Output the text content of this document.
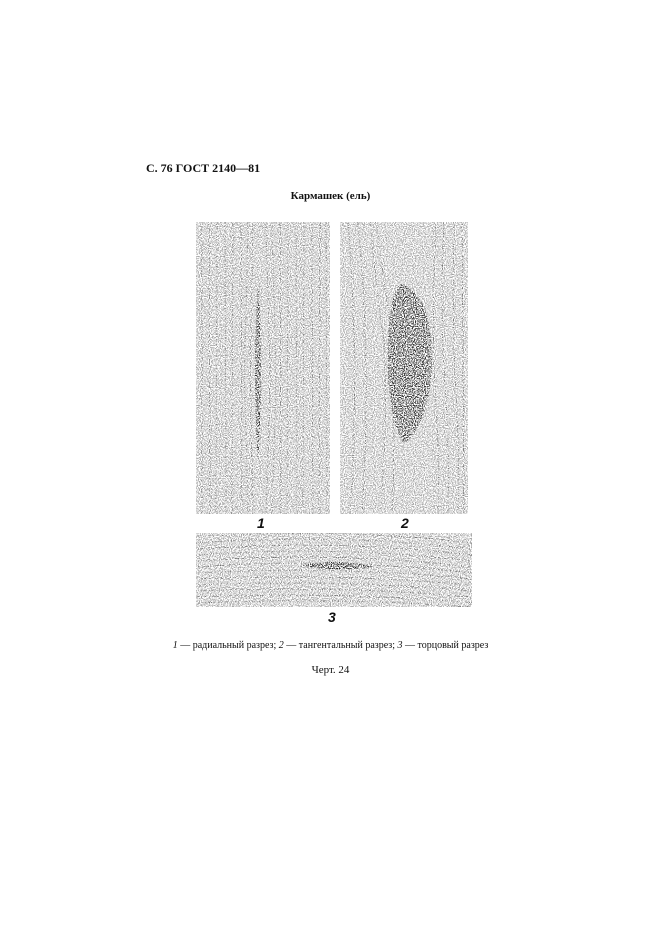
С. 76 ГОСТ 2140—81
Кармашек (ель)
1	2
3
1 — радиальный разрез; 2 — тангентальный разрез; 3 — торцовый разрез
Черт. 24
